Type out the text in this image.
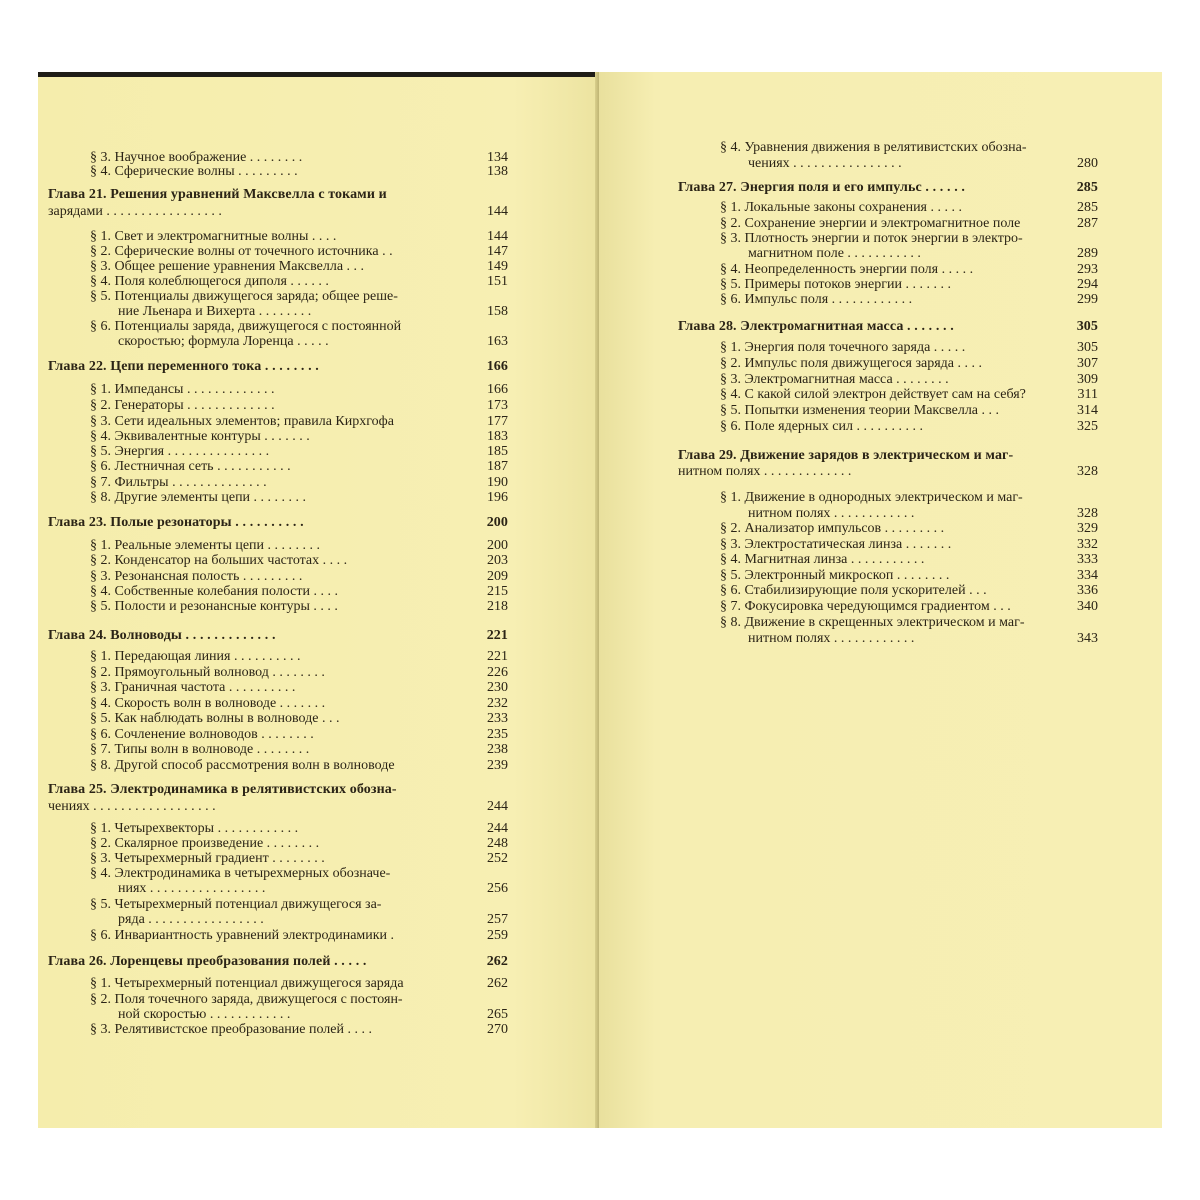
§ 3. Научное воображение . . . . . . . .	134
§ 4. Сферические волны . . . . . . . . .	138
Глава 21. Решения уравнений Максвелла с токами и
зарядами . . . . . . . . . . . . . . . . .	144
§ 1. Свет и электромагнитные волны . . . .	144
§ 2. Сферические волны от точечного источника . .	147
§ 3. Общее решение уравнения Максвелла . . .	149
§ 4. Поля колеблющегося диполя . . . . . .	151
§ 5. Потенциалы движущегося заряда; общее реше-
ние Льенара и Вихерта . . . . . . . .	158
§ 6. Потенциалы заряда, движущегося с постоянной
скоростью; формула Лоренца . . . . .	163
Глава 22. Цепи переменного тока . . . . . . . .	166
§ 1. Импедансы . . . . . . . . . . . . .	166
§ 2. Генераторы . . . . . . . . . . . . .	173
§ 3. Сети идеальных элементов; правила Кирхгофа	177
§ 4. Эквивалентные контуры . . . . . . .	183
§ 5. Энергия . . . . . . . . . . . . . . .	185
§ 6. Лестничная сеть . . . . . . . . . . .	187
§ 7. Фильтры . . . . . . . . . . . . . .	190
§ 8. Другие элементы цепи . . . . . . . .	196
Глава 23. Полые резонаторы . . . . . . . . . .	200
§ 1. Реальные элементы цепи . . . . . . . .	200
§ 2. Конденсатор на больших частотах . . . .	203
§ 3. Резонансная полость . . . . . . . . .	209
§ 4. Собственные колебания полости . . . .	215
§ 5. Полости и резонансные контуры . . . .	218
Глава 24. Волноводы . . . . . . . . . . . . .	221
§ 1. Передающая линия . . . . . . . . . .	221
§ 2. Прямоугольный волновод . . . . . . . .	226
§ 3. Граничная частота . . . . . . . . . .	230
§ 4. Скорость волн в волноводе . . . . . . .	232
§ 5. Как наблюдать волны в волноводе . . .	233
§ 6. Сочленение волноводов . . . . . . . .	235
§ 7. Типы волн в волноводе . . . . . . . .	238
§ 8. Другой способ рассмотрения волн в волноводе	239
Глава 25. Электродинамика в релятивистских обозна-
чениях . . . . . . . . . . . . . . . . . .	244
§ 1. Четырехвекторы . . . . . . . . . . . .	244
§ 2. Скалярное произведение . . . . . . . .	248
§ 3. Четырехмерный градиент . . . . . . . .	252
§ 4. Электродинамика в четырехмерных обозначе-
ниях . . . . . . . . . . . . . . . . .	256
§ 5. Четырехмерный потенциал движущегося за-
ряда . . . . . . . . . . . . . . . . .	257
§ 6. Инвариантность уравнений электродинамики .	259
Глава 26. Лоренцевы преобразования полей . . . . .	262
§ 1. Четырехмерный потенциал движущегося заряда	262
§ 2. Поля точечного заряда, движущегося с постоян-
ной скоростью . . . . . . . . . . . .	265
§ 3. Релятивистское преобразование полей . . . .	270
§ 4. Уравнения движения в релятивистских обозна-
чениях . . . . . . . . . . . . . . . .	280
Глава 27. Энергия поля и его импульс . . . . . .	285
§ 1. Локальные законы сохранения . . . . .	285
§ 2. Сохранение энергии и электромагнитное поле	287
§ 3. Плотность энергии и поток энергии в электро-
магнитном поле . . . . . . . . . . .	289
§ 4. Неопределенность энергии поля . . . . .	293
§ 5. Примеры потоков энергии . . . . . . .	294
§ 6. Импульс поля . . . . . . . . . . . .	299
Глава 28. Электромагнитная масса . . . . . . .	305
§ 1. Энергия поля точечного заряда . . . . .	305
§ 2. Импульс поля движущегося заряда . . . .	307
§ 3. Электромагнитная масса . . . . . . . .	309
§ 4. С какой силой электрон действует сам на себя?	311
§ 5. Попытки изменения теории Максвелла . . .	314
§ 6. Поле ядерных сил . . . . . . . . . .	325
Глава 29. Движение зарядов в электрическом и маг-
нитном полях . . . . . . . . . . . . .	328
§ 1. Движение в однородных электрическом и маг-
нитном полях . . . . . . . . . . . .	328
§ 2. Анализатор импульсов . . . . . . . . .	329
§ 3. Электростатическая линза . . . . . . .	332
§ 4. Магнитная линза . . . . . . . . . . .	333
§ 5. Электронный микроскоп . . . . . . . .	334
§ 6. Стабилизирующие поля ускорителей . . .	336
§ 7. Фокусировка чередующимся градиентом . . .	340
§ 8. Движение в скрещенных электрическом и маг-
нитном полях . . . . . . . . . . . .	343
